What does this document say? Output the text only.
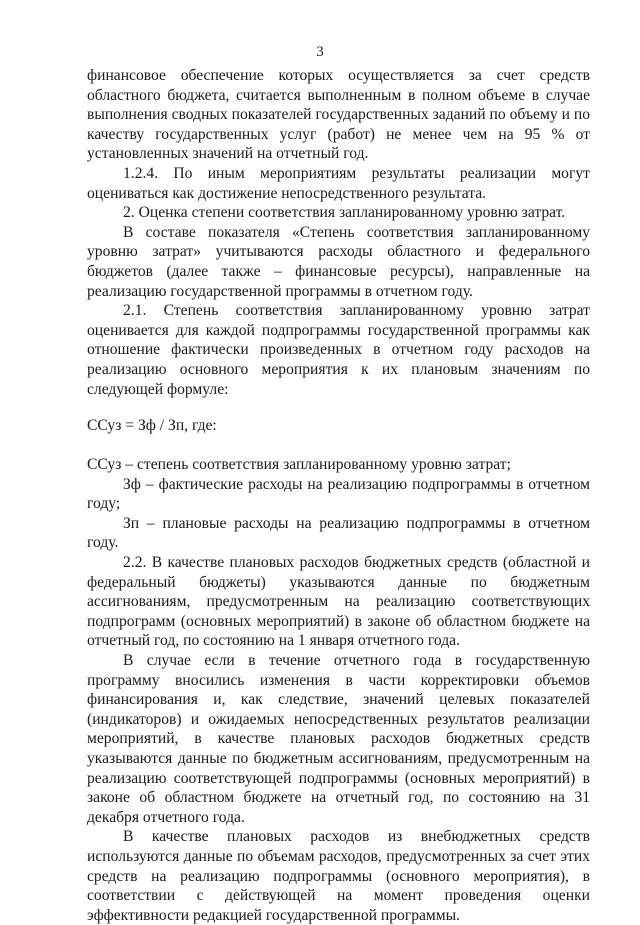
3

финансовое обеспечение которых осуществляется за счет средств областного бюджета, считается выполненным в полном объеме в случае выполнения сводных показателей государственных заданий по объему и по качеству государственных услуг (работ) не менее чем на 95 % от установленных значений на отчетный год.

1.2.4. По иным мероприятиям результаты реализации могут оцениваться как достижение непосредственного результата.

2. Оценка степени соответствия запланированному уровню затрат.

В составе показателя «Степень соответствия запланированному уровню затрат» учитываются расходы областного и федерального бюджетов (далее также – финансовые ресурсы), направленные на реализацию государственной программы в отчетном году.

2.1. Степень соответствия запланированному уровню затрат оценивается для каждой подпрограммы государственной программы как отношение фактически произведенных в отчетном году расходов на реализацию основного мероприятия к их плановым значениям по следующей формуле:

ССуз = Зф / Зп, где:

ССуз – степень соответствия запланированному уровню затрат;

Зф – фактические расходы на реализацию подпрограммы в отчетном году;

Зп – плановые расходы на реализацию подпрограммы в отчетном году.

2.2. В качестве плановых расходов бюджетных средств (областной и федеральный бюджеты) указываются данные по бюджетным ассигнованиям, предусмотренным на реализацию соответствующих подпрограмм (основных мероприятий) в законе об областном бюджете на отчетный год, по состоянию на 1 января отчетного года.

В случае если в течение отчетного года в государственную программу вносились изменения в части корректировки объемов финансирования и, как следствие, значений целевых показателей (индикаторов) и ожидаемых непосредственных результатов реализации мероприятий, в качестве плановых расходов бюджетных средств указываются данные по бюджетным ассигнованиям, предусмотренным на реализацию соответствующей подпрограммы (основных мероприятий) в законе об областном бюджете на отчетный год, по состоянию на 31 декабря отчетного года.

В качестве плановых расходов из внебюджетных средств используются данные по объемам расходов, предусмотренных за счет этих средств на реализацию подпрограммы (основного мероприятия), в соответствии с действующей на момент проведения оценки эффективности редакцией государственной программы.
